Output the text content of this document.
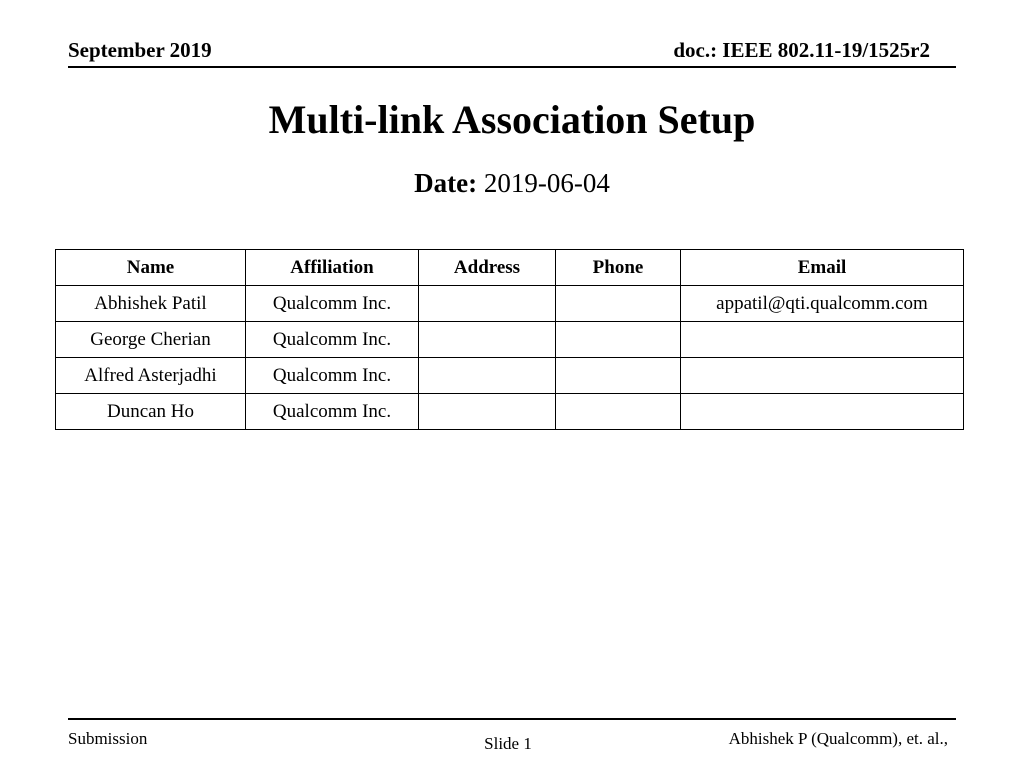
September 2019	doc.: IEEE 802.11-19/1525r2
Multi-link Association Setup
Date: 2019-06-04
Name	Affiliation	Address	Phone	Email
Abhishek Patil	Qualcomm Inc.			appatil@qti.qualcomm.com
George Cherian	Qualcomm Inc.			
Alfred Asterjadhi	Qualcomm Inc.			
Duncan Ho	Qualcomm Inc.			
Submission	Slide 1	Abhishek P (Qualcomm), et. al.,
